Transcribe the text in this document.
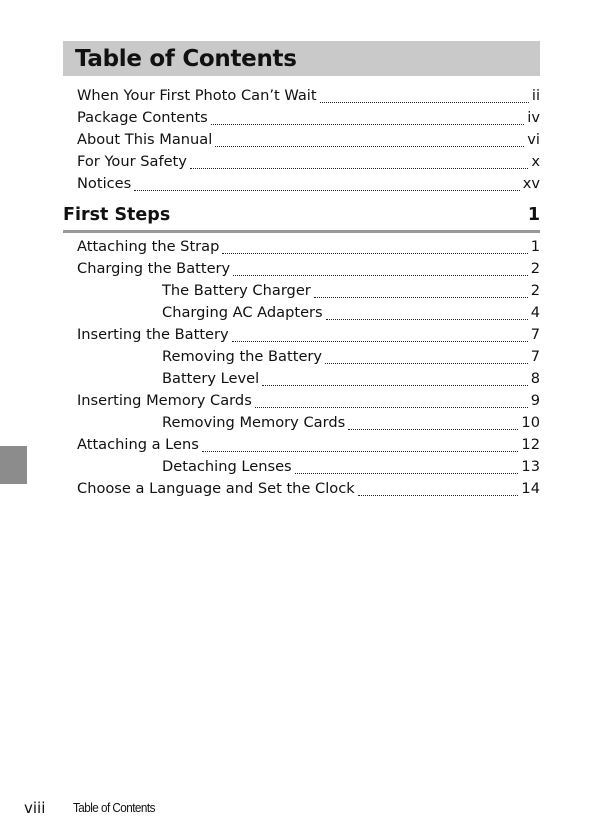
Table of Contents
When Your First Photo Can’t Wait	ii
Package Contents	iv
About This Manual	vi
For Your Safety	x
Notices	xv
First Steps	1
Attaching the Strap	1
Charging the Battery	2
The Battery Charger	2
Charging AC Adapters	4
Inserting the Battery	7
Removing the Battery	7
Battery Level	8
Inserting Memory Cards	9
Removing Memory Cards	10
Attaching a Lens	12
Detaching Lenses	13
Choose a Language and Set the Clock	14
viii Table of Contents
